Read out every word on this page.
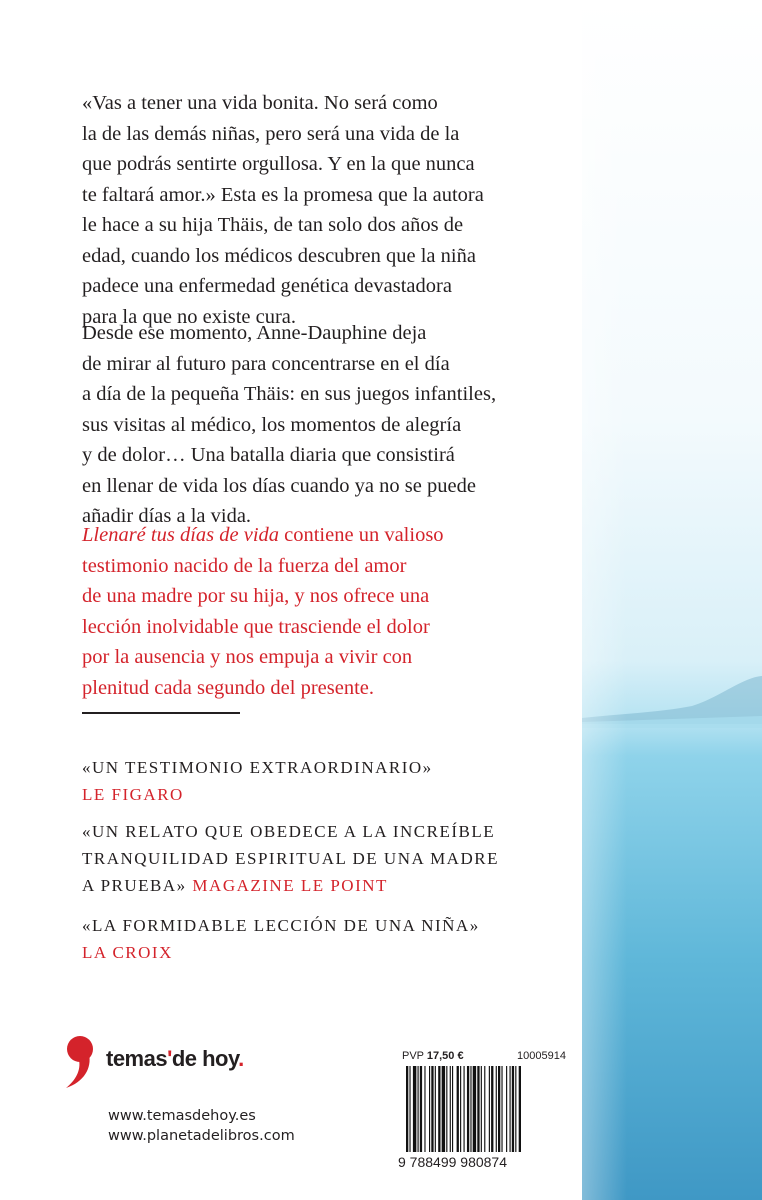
«Vas a tener una vida bonita. No será como
la de las demás niñas, pero será una vida de la
que podrás sentirte orgullosa. Y en la que nunca
te faltará amor.» Esta es la promesa que la autora
le hace a su hija Thäis, de tan solo dos años de
edad, cuando los médicos descubren que la niña
padece una enfermedad genética devastadora
para la que no existe cura.
Desde ese momento, Anne-Dauphine deja
de mirar al futuro para concentrarse en el día
a día de la pequeña Thäis: en sus juegos infantiles,
sus visitas al médico, los momentos de alegría
y de dolor… Una batalla diaria que consistirá
en llenar de vida los días cuando ya no se puede
añadir días a la vida.
Llenaré tus días de vida contiene un valioso
testimonio nacido de la fuerza del amor
de una madre por su hija, y nos ofrece una
lección inolvidable que trasciende el dolor
por la ausencia y nos empuja a vivir con
plenitud cada segundo del presente.
«UN TESTIMONIO EXTRAORDINARIO»
LE FIGARO
«UN RELATO QUE OBEDECE A LA INCREÍBLE
TRANQUILIDAD ESPIRITUAL DE UNA MADRE
A PRUEBA» MAGAZINE LE POINT
«LA FORMIDABLE LECCIÓN DE UNA NIÑA»
LA CROIX
temas'de hoy.
www.temasdehoy.es
www.planetadelibros.com
PVP 17,50 €	10005914
9 788499 980874
